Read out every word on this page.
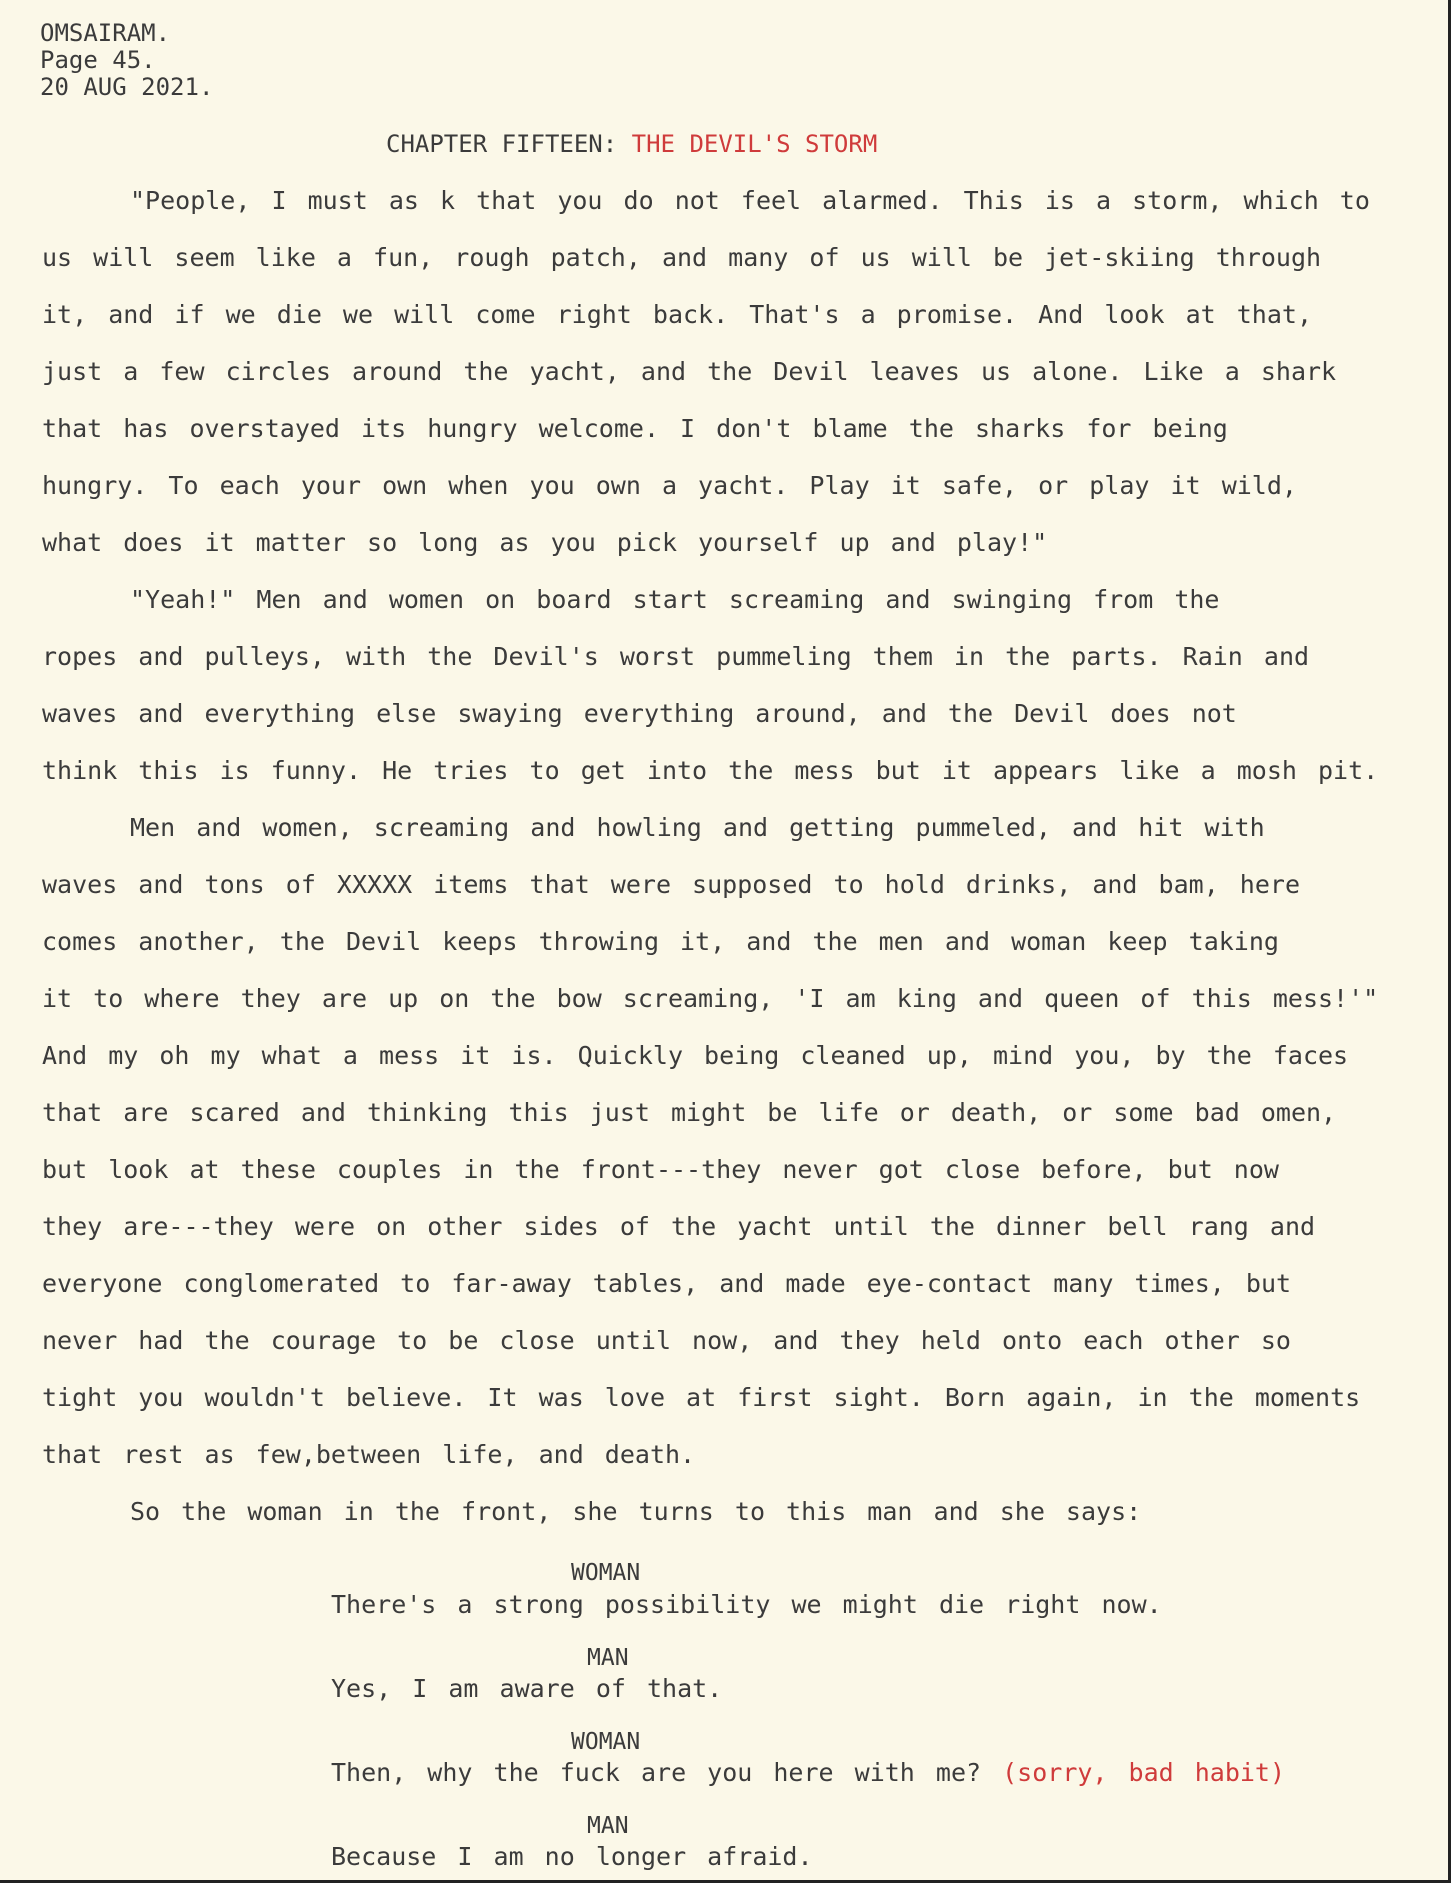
OMSAIRAM.
Page 45.
20 AUG 2021.
CHAPTER FIFTEEN: THE DEVIL'S STORM
"People, I must as k that you do not feel alarmed. This is a storm, which to
us will seem like a fun, rough patch, and many of us will be jet-skiing through
it, and if we die we will come right back. That's a promise. And look at that,
just a few circles around the yacht, and the Devil leaves us alone. Like a shark
that has overstayed its hungry welcome. I don't blame the sharks for being
hungry. To each your own when you own a yacht. Play it safe, or play it wild,
what does it matter so long as you pick yourself up and play!"
"Yeah!" Men and women on board start screaming and swinging from the
ropes and pulleys, with the Devil's worst pummeling them in the parts. Rain and
waves and everything else swaying everything around, and the Devil does not
think this is funny. He tries to get into the mess but it appears like a mosh pit.
Men and women, screaming and howling and getting pummeled, and hit with
waves and tons of XXXXX items that were supposed to hold drinks, and bam, here
comes another, the Devil keeps throwing it, and the men and woman keep taking
it to where they are up on the bow screaming, 'I am king and queen of this mess!'"
And my oh my what a mess it is. Quickly being cleaned up, mind you, by the faces
that are scared and thinking this just might be life or death, or some bad omen,
but look at these couples in the front---they never got close before, but now
they are---they were on other sides of the yacht until the dinner bell rang and
everyone conglomerated to far-away tables, and made eye-contact many times, but
never had the courage to be close until now, and they held onto each other so
tight you wouldn't believe. It was love at first sight. Born again, in the moments
that rest as few,between life, and death.
So the woman in the front, she turns to this man and she says:
WOMAN
There's a strong possibility we might die right now.
MAN
Yes, I am aware of that.
WOMAN
Then, why the fuck are you here with me? (sorry, bad habit)
MAN
Because I am no longer afraid.
